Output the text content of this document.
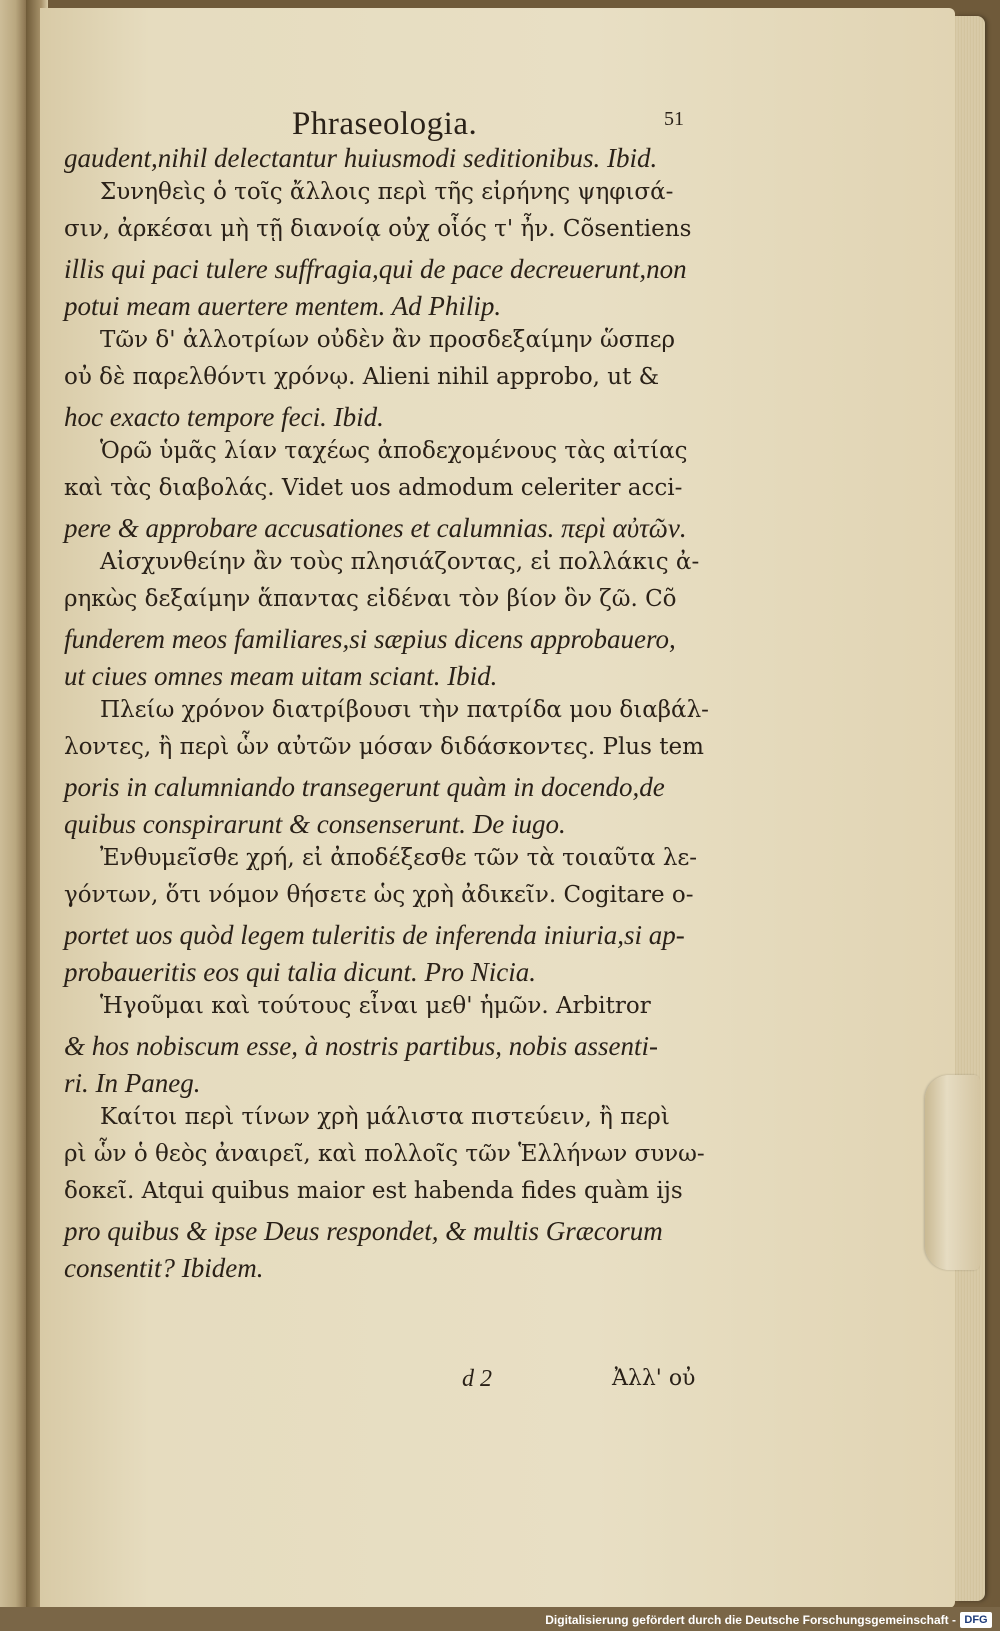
Phraseologia.	51

gaudent,nihil delectantur huiusmodi seditionibus. Ibid.

Συνηθεὶς ὁ τοῖς ἄλλοις περὶ τῆς εἰρήνης ψηφισά-

σιν, ἀρκέσαι μὴ τῇ διανοίᾳ οὐχ οἷός τ' ἦν. Cõsentiens

illis qui paci tulere suffragia,qui de pace decreuerunt,non

potui meam auertere mentem. Ad Philip.

Τῶν δ' ἀλλοτρίων οὐδὲν ἂν προσδεξαίμην ὥσπερ

οὐ δὲ παρελθόντι χρόνῳ. Alieni nihil approbo, ut &

hoc exacto tempore feci. Ibid.

Ὁρῶ ὑμᾶς λίαν ταχέως ἀποδεχομένους τὰς αἰτίας

καὶ τὰς διαβολάς. Videt uos admodum celeriter acci-

pere & approbare accusationes et calumnias. περὶ αὐτῶν.

Αἰσχυνθείην ἂν τοὺς πλησιάζοντας, εἰ πολλάκις ἀ-

ρηκὼς δεξαίμην ἅπαντας εἰδέναι τὸν βίον ὃν ζῶ. Cõ

funderem meos familiares,si sæpius dicens approbauero,

ut ciues omnes meam uitam sciant. Ibid.

Πλείω χρόνον διατρίβουσι τὴν πατρίδα μου διαβάλ-

λοντες, ἢ περὶ ὧν αὐτῶν μόσαν διδάσκοντες. Plus tem

poris in calumniando transegerunt quàm in docendo,de

quibus conspirarunt & consenserunt. De iugo.

Ἐνθυμεῖσθε χρή, εἰ ἀποδέξεσθε τῶν τὰ τοιαῦτα λε-

γόντων, ὅτι νόμον θήσετε ὡς χρὴ ἀδικεῖν. Cogitare o-

portet uos quòd legem tuleritis de inferenda iniuria,si ap-

probaueritis eos qui talia dicunt. Pro Nicia.

Ἡγοῦμαι καὶ τούτους εἶναι μεθ' ἡμῶν. Arbitror

& hos nobiscum esse, à nostris partibus, nobis assenti-

ri. In Paneg.

Καίτοι περὶ τίνων χρὴ μάλιστα πιστεύειν, ἢ περὶ

ρὶ ὧν ὁ θεὸς ἀναιρεῖ, καὶ πολλοῖς τῶν Ἑλλήνων συνω-

δοκεῖ. Atqui quibus maior est habenda fides quàm ijs

pro quibus & ipse Deus respondet, & multis Græcorum

consentit? Ibidem.

d 2	Ἀλλ' οὐ
Digitalisierung gefördert durch die Deutsche Forschungsgemeinschaft - DFG
